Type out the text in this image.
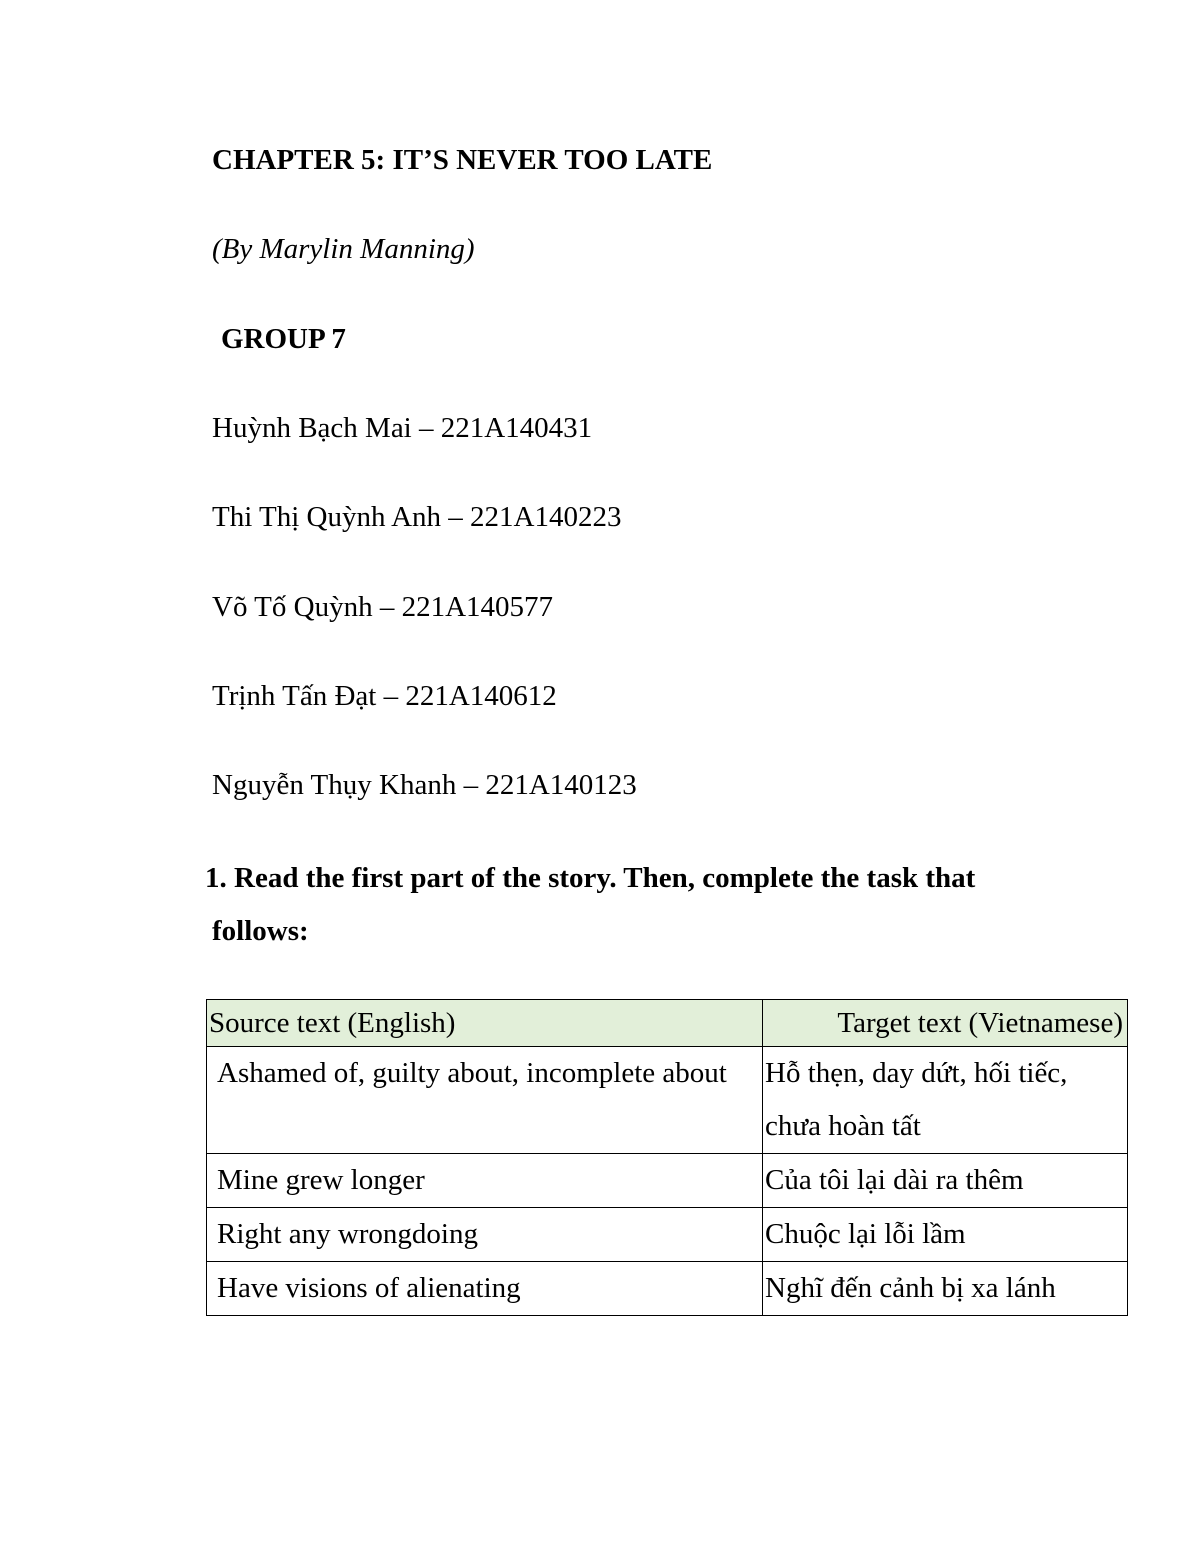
CHAPTER 5: IT’S NEVER TOO LATE
(By Marylin Manning)
GROUP 7
Huỳnh Bạch Mai – 221A140431
Thi Thị Quỳnh Anh – 221A140223
Võ Tố Quỳnh – 221A140577
Trịnh Tấn Đạt – 221A140612
Nguyễn Thụy Khanh – 221A140123
1. Read the first part of the story. Then, complete the task that
follows:
Source text (English)	Target text (Vietnamese)
Ashamed of, guilty about, incomplete about	Hỗ thẹn, day dứt, hối tiếc, chưa hoàn tất
Mine grew longer	Của tôi lại dài ra thêm
Right any wrongdoing	Chuộc lại lỗi lầm
Have visions of alienating	Nghĩ đến cảnh bị xa lánh
